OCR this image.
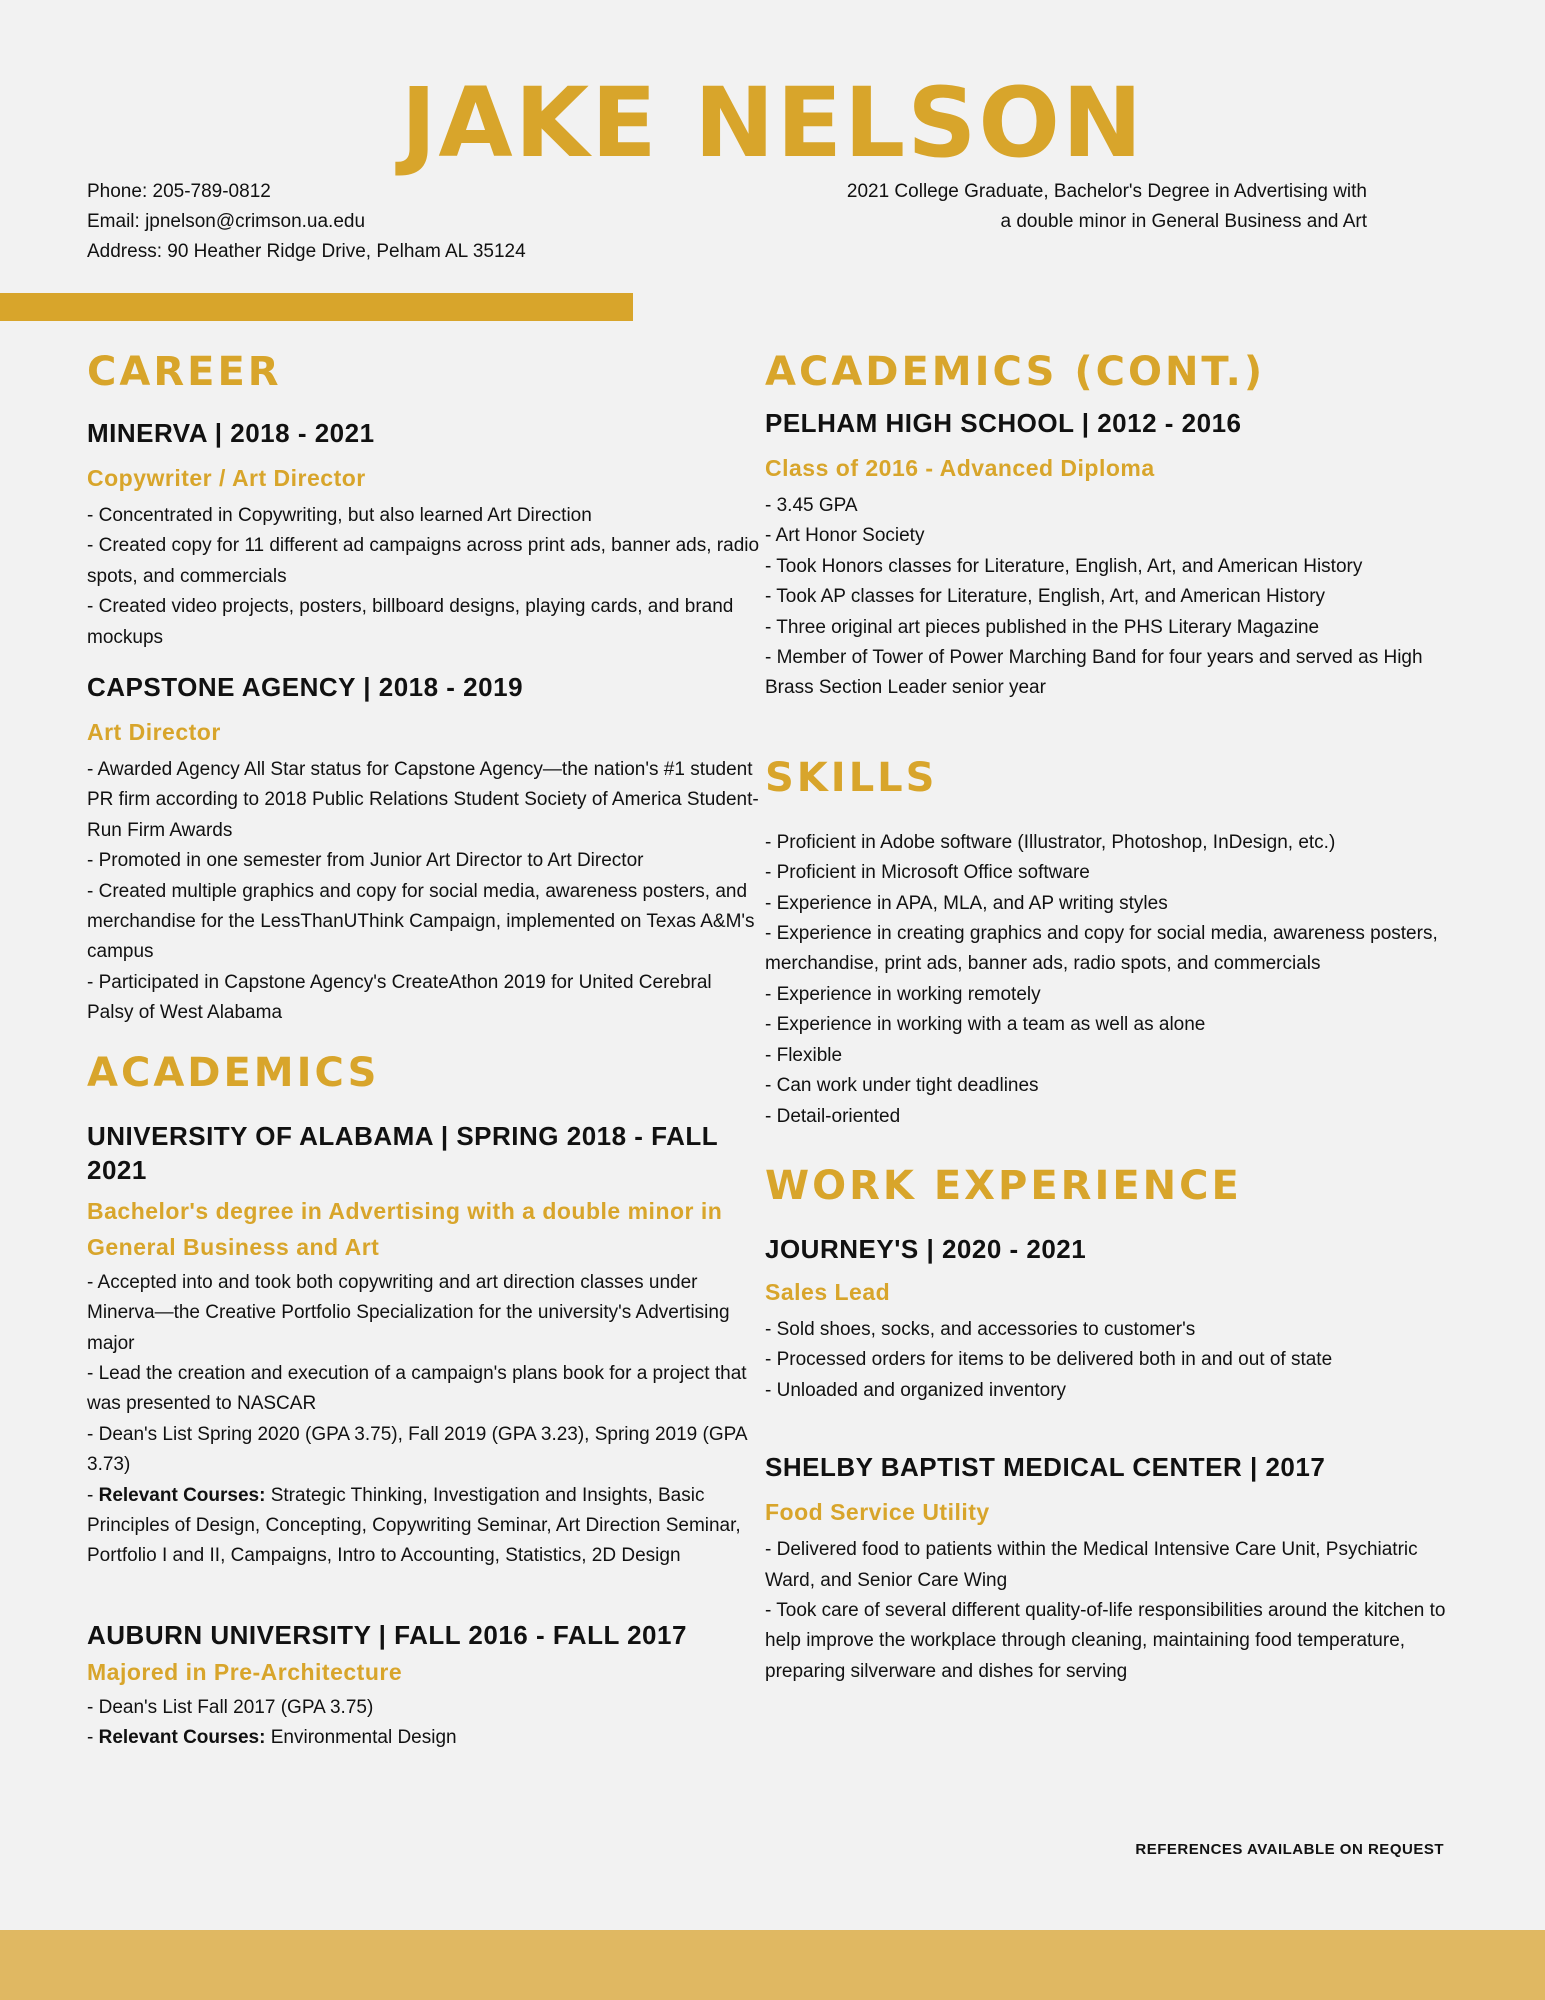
JAKE NELSON
Phone: 205-789-0812
Email: jpnelson@crimson.ua.edu
Address: 90 Heather Ridge Drive, Pelham AL 35124
2021 College Graduate, Bachelor's Degree in Advertising with
a double minor in General Business and Art
CAREER
MINERVA | 2018 - 2021
Copywriter / Art Director
- Concentrated in Copywriting, but also learned Art Direction
- Created copy for 11 different ad campaigns across print ads, banner ads, radio spots, and commercials
- Created video projects, posters, billboard designs, playing cards, and brand mockups
CAPSTONE AGENCY | 2018 - 2019
Art Director
- Awarded Agency All Star status for Capstone Agency—the nation's #1 student PR firm according to 2018 Public Relations Student Society of America Student-Run Firm Awards
- Promoted in one semester from Junior Art Director to Art Director
- Created multiple graphics and copy for social media, awareness posters, and merchandise for the LessThanUThink Campaign, implemented on Texas A&M's campus
- Participated in Capstone Agency's CreateAthon 2019 for United Cerebral Palsy of West Alabama
ACADEMICS
UNIVERSITY OF ALABAMA | SPRING 2018 - FALL 2021
Bachelor's degree in Advertising with a double minor in General Business and Art
- Accepted into and took both copywriting and art direction classes under Minerva—the Creative Portfolio Specialization for the university's Advertising major
- Lead the creation and execution of a campaign's plans book for a project that was presented to NASCAR
- Dean's List Spring 2020 (GPA 3.75), Fall 2019 (GPA 3.23), Spring 2019 (GPA 3.73)
- Relevant Courses: Strategic Thinking, Investigation and Insights, Basic Principles of Design, Concepting, Copywriting Seminar, Art Direction Seminar, Portfolio I and II, Campaigns, Intro to Accounting, Statistics, 2D Design
AUBURN UNIVERSITY | FALL 2016 - FALL 2017
Majored in Pre-Architecture
- Dean's List Fall 2017 (GPA 3.75)
- Relevant Courses: Environmental Design
ACADEMICS (CONT.)
PELHAM HIGH SCHOOL | 2012 - 2016
Class of 2016 - Advanced Diploma
- 3.45 GPA
- Art Honor Society
- Took Honors classes for Literature, English, Art, and American History
- Took AP classes for Literature, English, Art, and American History
- Three original art pieces published in the PHS Literary Magazine
- Member of Tower of Power Marching Band for four years and served as High Brass Section Leader senior year
SKILLS
- Proficient in Adobe software (Illustrator, Photoshop, InDesign, etc.)
- Proficient in Microsoft Office software
- Experience in APA, MLA, and AP writing styles
- Experience in creating graphics and copy for social media, awareness posters, merchandise, print ads, banner ads, radio spots, and commercials
- Experience in working remotely
- Experience in working with a team as well as alone
- Flexible
- Can work under tight deadlines
- Detail-oriented
WORK EXPERIENCE
JOURNEY'S | 2020 - 2021
Sales Lead
- Sold shoes, socks, and accessories to customer's
- Processed orders for items to be delivered both in and out of state
- Unloaded and organized inventory
SHELBY BAPTIST MEDICAL CENTER | 2017
Food Service Utility
- Delivered food to patients within the Medical Intensive Care Unit, Psychiatric Ward, and Senior Care Wing
- Took care of several different quality-of-life responsibilities around the kitchen to help improve the workplace through cleaning, maintaining food temperature, preparing silverware and dishes for serving
REFERENCES AVAILABLE ON REQUEST
